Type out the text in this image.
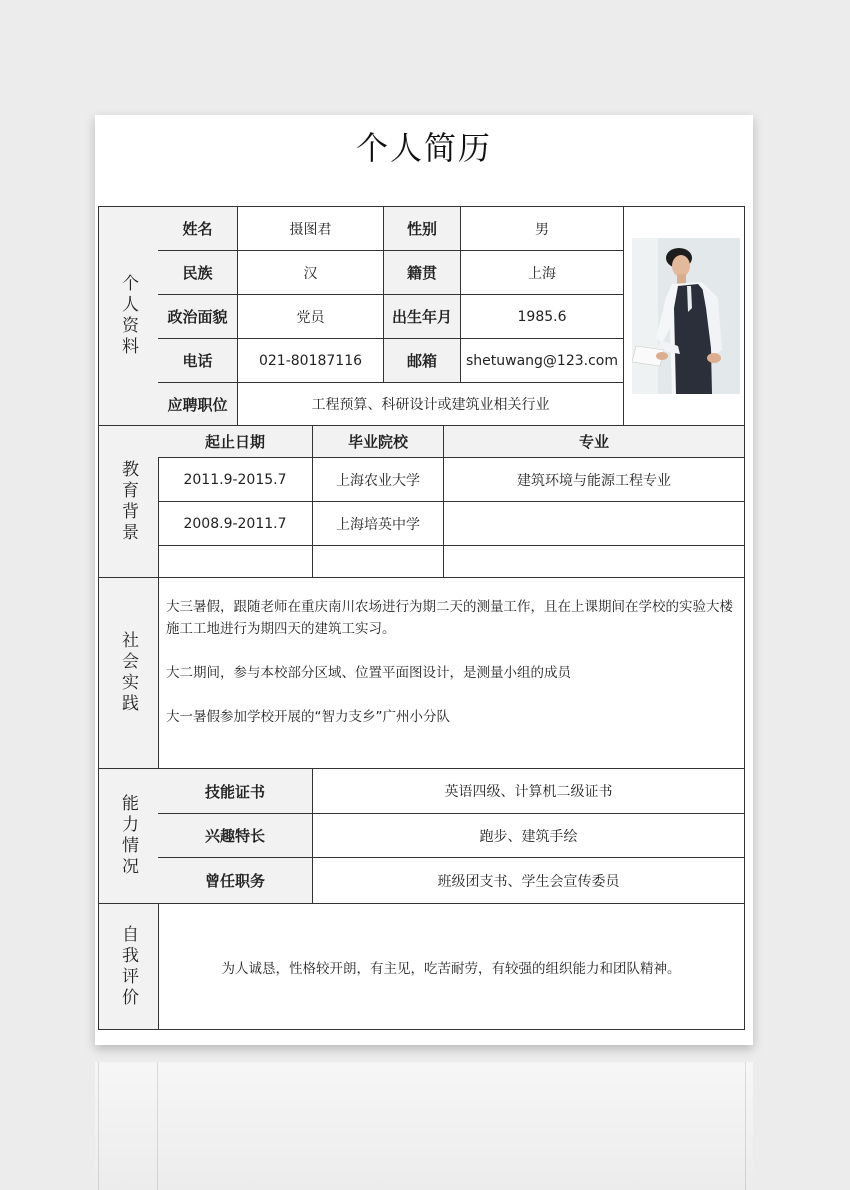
个人简历
个人资料
姓名	摄图君	性别	男
民族	汉	籍贯	上海
政治面貌	党员	出生年月	1985.6
电话	021-80187116	邮箱	shetuwang@123.com
应聘职位	工程预算、科研设计或建筑业相关行业
教育背景
起止日期	毕业院校	专业
2011.9-2015.7	上海农业大学	建筑环境与能源工程专业
2008.9-2011.7	上海培英中学
社会实践

大三暑假，跟随老师在重庆南川农场进行为期二天的测量工作，且在上课期间在学校的实验大楼施工工地进行为期四天的建筑工实习。

大二期间，参与本校部分区域、位置平面图设计，是测量小组的成员

大一暑假参加学校开展的“智力支乡”广州小分队

能力情况
技能证书	英语四级、计算机二级证书
兴趣特长	跑步、建筑手绘
曾任职务	班级团支书、学生会宣传委员
自我评价	为人诚恳，性格较开朗，有主见，吃苦耐劳，有较强的组织能力和团队精神。
